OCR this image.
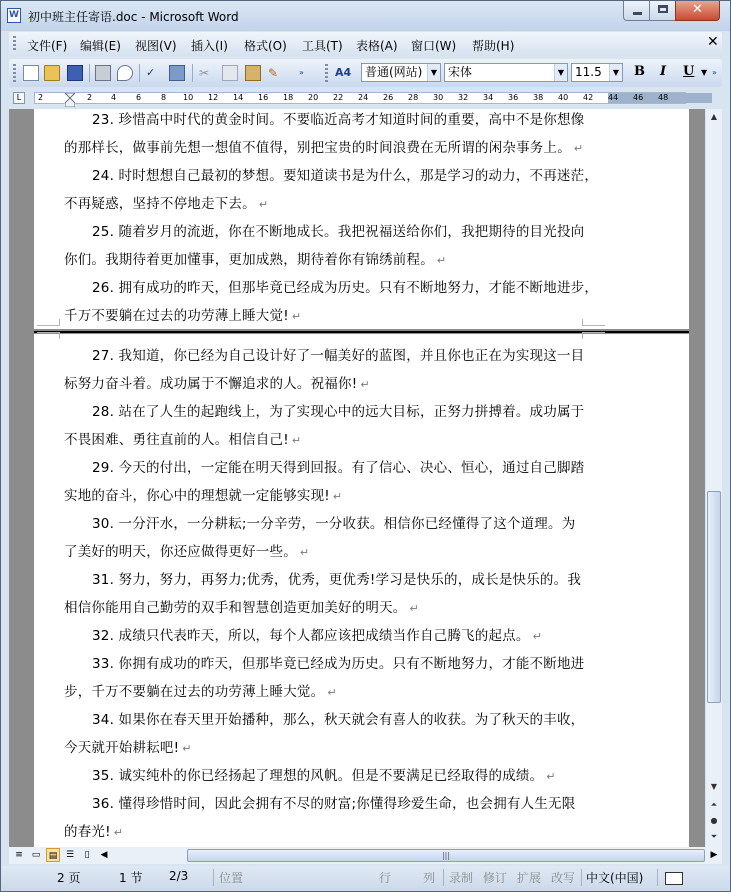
W 初中班主任寄语.doc - Microsoft Word	✕
文件(F) 编辑(E) 视图(V) 插入(I) 格式(O) 工具(T) 表格(A) 窗口(W) 帮助(H)	✕
✓	✂	✎	»	A4	普通(网站)	▼ 宋体	▼ 11.5	▼ B I U ▼ »
L	2	2 4 6 8 10 12 14 16 18 20 22 24 26 28 30 32 34 36 38 40 42 44 46 48
23. 珍惜高中时代的黄金时间。不要临近高考才知道时间的重要，高中不是你想像
的那样长，做事前先想一想值不值得，别把宝贵的时间浪费在无所谓的闲杂事务上。 ↵
24. 时时想想自己最初的梦想。要知道读书是为什么，那是学习的动力，不再迷茫，
不再疑惑，坚持不停地走下去。 ↵
25. 随着岁月的流逝，你在不断地成长。我把祝福送给你们，我把期待的目光投向
你们。我期待着更加懂事，更加成熟，期待着你有锦绣前程。 ↵
26. 拥有成功的昨天，但那毕竟已经成为历史。只有不断地努力，才能不断地进步，
千万不要躺在过去的功劳薄上睡大觉! ↵
27. 我知道，你已经为自己设计好了一幅美好的蓝图，并且你也正在为实现这一目
标努力奋斗着。成功属于不懈追求的人。祝福你! ↵
28. 站在了人生的起跑线上，为了实现心中的远大目标，正努力拼搏着。成功属于
不畏困难、勇往直前的人。相信自己! ↵
29. 今天的付出，一定能在明天得到回报。有了信心、决心、恒心，通过自己脚踏
实地的奋斗，你心中的理想就一定能够实现! ↵
30. 一分汗水，一分耕耘;一分辛劳，一分收获。相信你已经懂得了这个道理。为
了美好的明天，你还应做得更好一些。 ↵
31. 努力，努力，再努力;优秀，优秀，更优秀!学习是快乐的，成长是快乐的。我
相信你能用自己勤劳的双手和智慧创造更加美好的明天。 ↵
32. 成绩只代表昨天，所以，每个人都应该把成绩当作自己腾飞的起点。 ↵
33. 你拥有成功的昨天，但那毕竟已经成为历史。只有不断地努力，才能不断地进
步，千万不要躺在过去的功劳薄上睡大觉。 ↵
34. 如果你在春天里开始播种，那么，秋天就会有喜人的收获。为了秋天的丰收，
今天就开始耕耘吧! ↵
35. 诚实纯朴的你已经扬起了理想的风帆。但是不要满足已经取得的成绩。 ↵
36. 懂得珍惜时间，因此会拥有不尽的财富;你懂得珍爱生命，也会拥有人生无限
的春光! ↵
▲
▼
⏶
●
⏷
≡ ▭ ▤ ☰	▯	◀	|||	▶
2 页	1 节 2/3	位置	行	列 录制 修订 扩展 改写 中文(中国)
